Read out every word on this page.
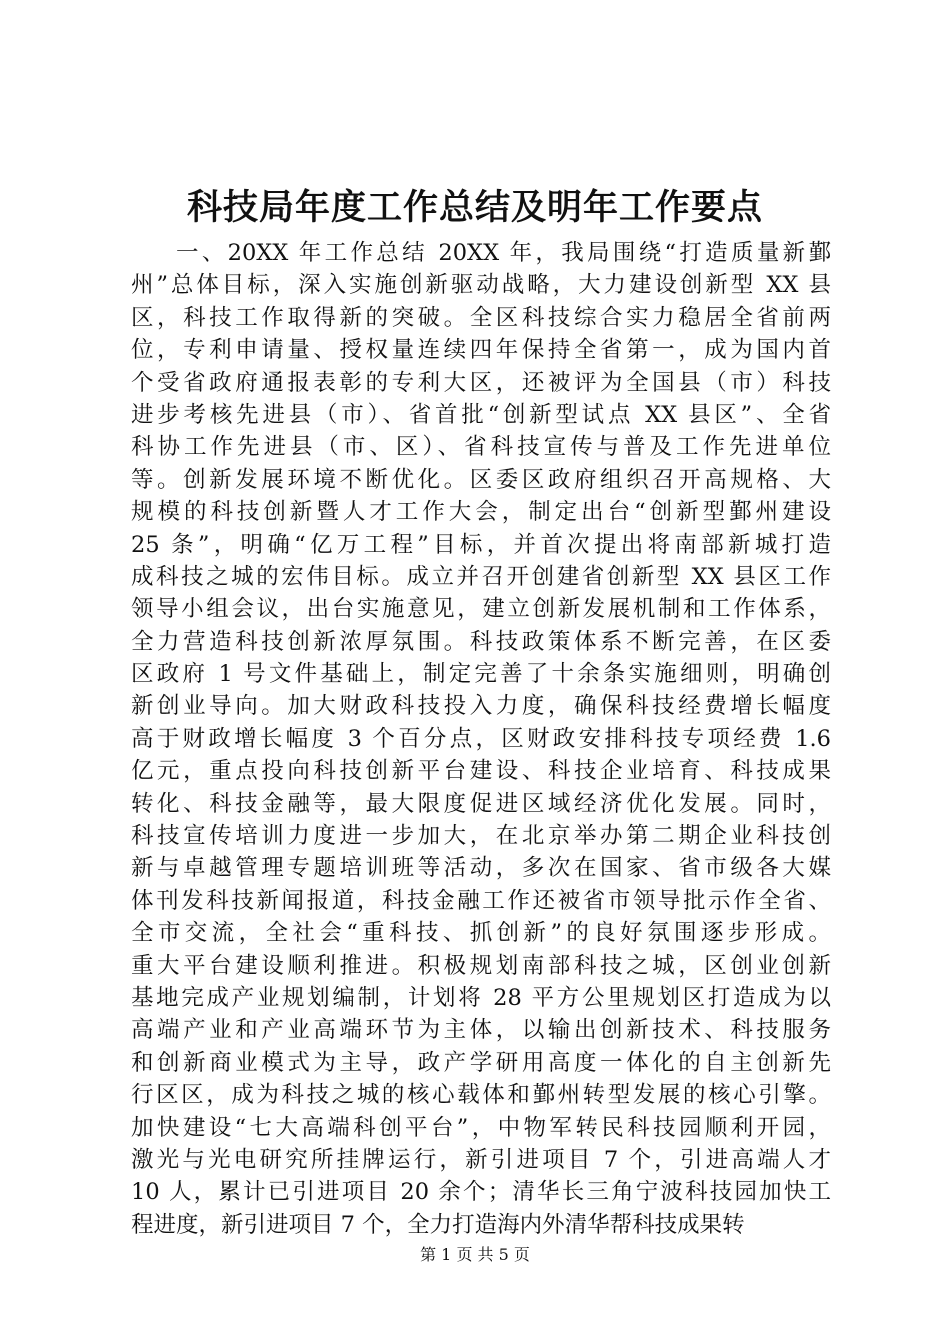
科技局年度工作总结及明年工作要点
一、20XX 年工作总结 20XX 年，我局围绕“打造质量新鄞
州”总体目标，深入实施创新驱动战略，大力建设创新型 XX 县
区，科技工作取得新的突破。全区科技综合实力稳居全省前两
位，专利申请量、授权量连续四年保持全省第一，成为国内首
个受省政府通报表彰的专利大区，还被评为全国县（市）科技
进步考核先进县（市）、省首批“创新型试点 XX 县区”、全省
科协工作先进县（市、区）、省科技宣传与普及工作先进单位
等。创新发展环境不断优化。区委区政府组织召开高规格、大
规模的科技创新暨人才工作大会，制定出台“创新型鄞州建设
25 条”，明确“亿万工程”目标，并首次提出将南部新城打造
成科技之城的宏伟目标。成立并召开创建省创新型 XX 县区工作
领导小组会议，出台实施意见，建立创新发展机制和工作体系，
全力营造科技创新浓厚氛围。科技政策体系不断完善，在区委
区政府 1 号文件基础上，制定完善了十余条实施细则，明确创
新创业导向。加大财政科技投入力度，确保科技经费增长幅度
高于财政增长幅度 3 个百分点，区财政安排科技专项经费 1.6
亿元，重点投向科技创新平台建设、科技企业培育、科技成果
转化、科技金融等，最大限度促进区域经济优化发展。同时，
科技宣传培训力度进一步加大，在北京举办第二期企业科技创
新与卓越管理专题培训班等活动，多次在国家、省市级各大媒
体刊发科技新闻报道，科技金融工作还被省市领导批示作全省、
全市交流，全社会“重科技、抓创新”的良好氛围逐步形成。
重大平台建设顺利推进。积极规划南部科技之城，区创业创新
基地完成产业规划编制，计划将 28 平方公里规划区打造成为以
高端产业和产业高端环节为主体，以输出创新技术、科技服务
和创新商业模式为主导，政产学研用高度一体化的自主创新先
行区区，成为科技之城的核心载体和鄞州转型发展的核心引擎。
加快建设“七大高端科创平台”，中物军转民科技园顺利开园，
激光与光电研究所挂牌运行，新引进项目 7 个，引进高端人才
10 人，累计已引进项目 20 余个；清华长三角宁波科技园加快工
程进度，新引进项目 7 个，全力打造海内外清华帮科技成果转

第 1 页 共 5 页
